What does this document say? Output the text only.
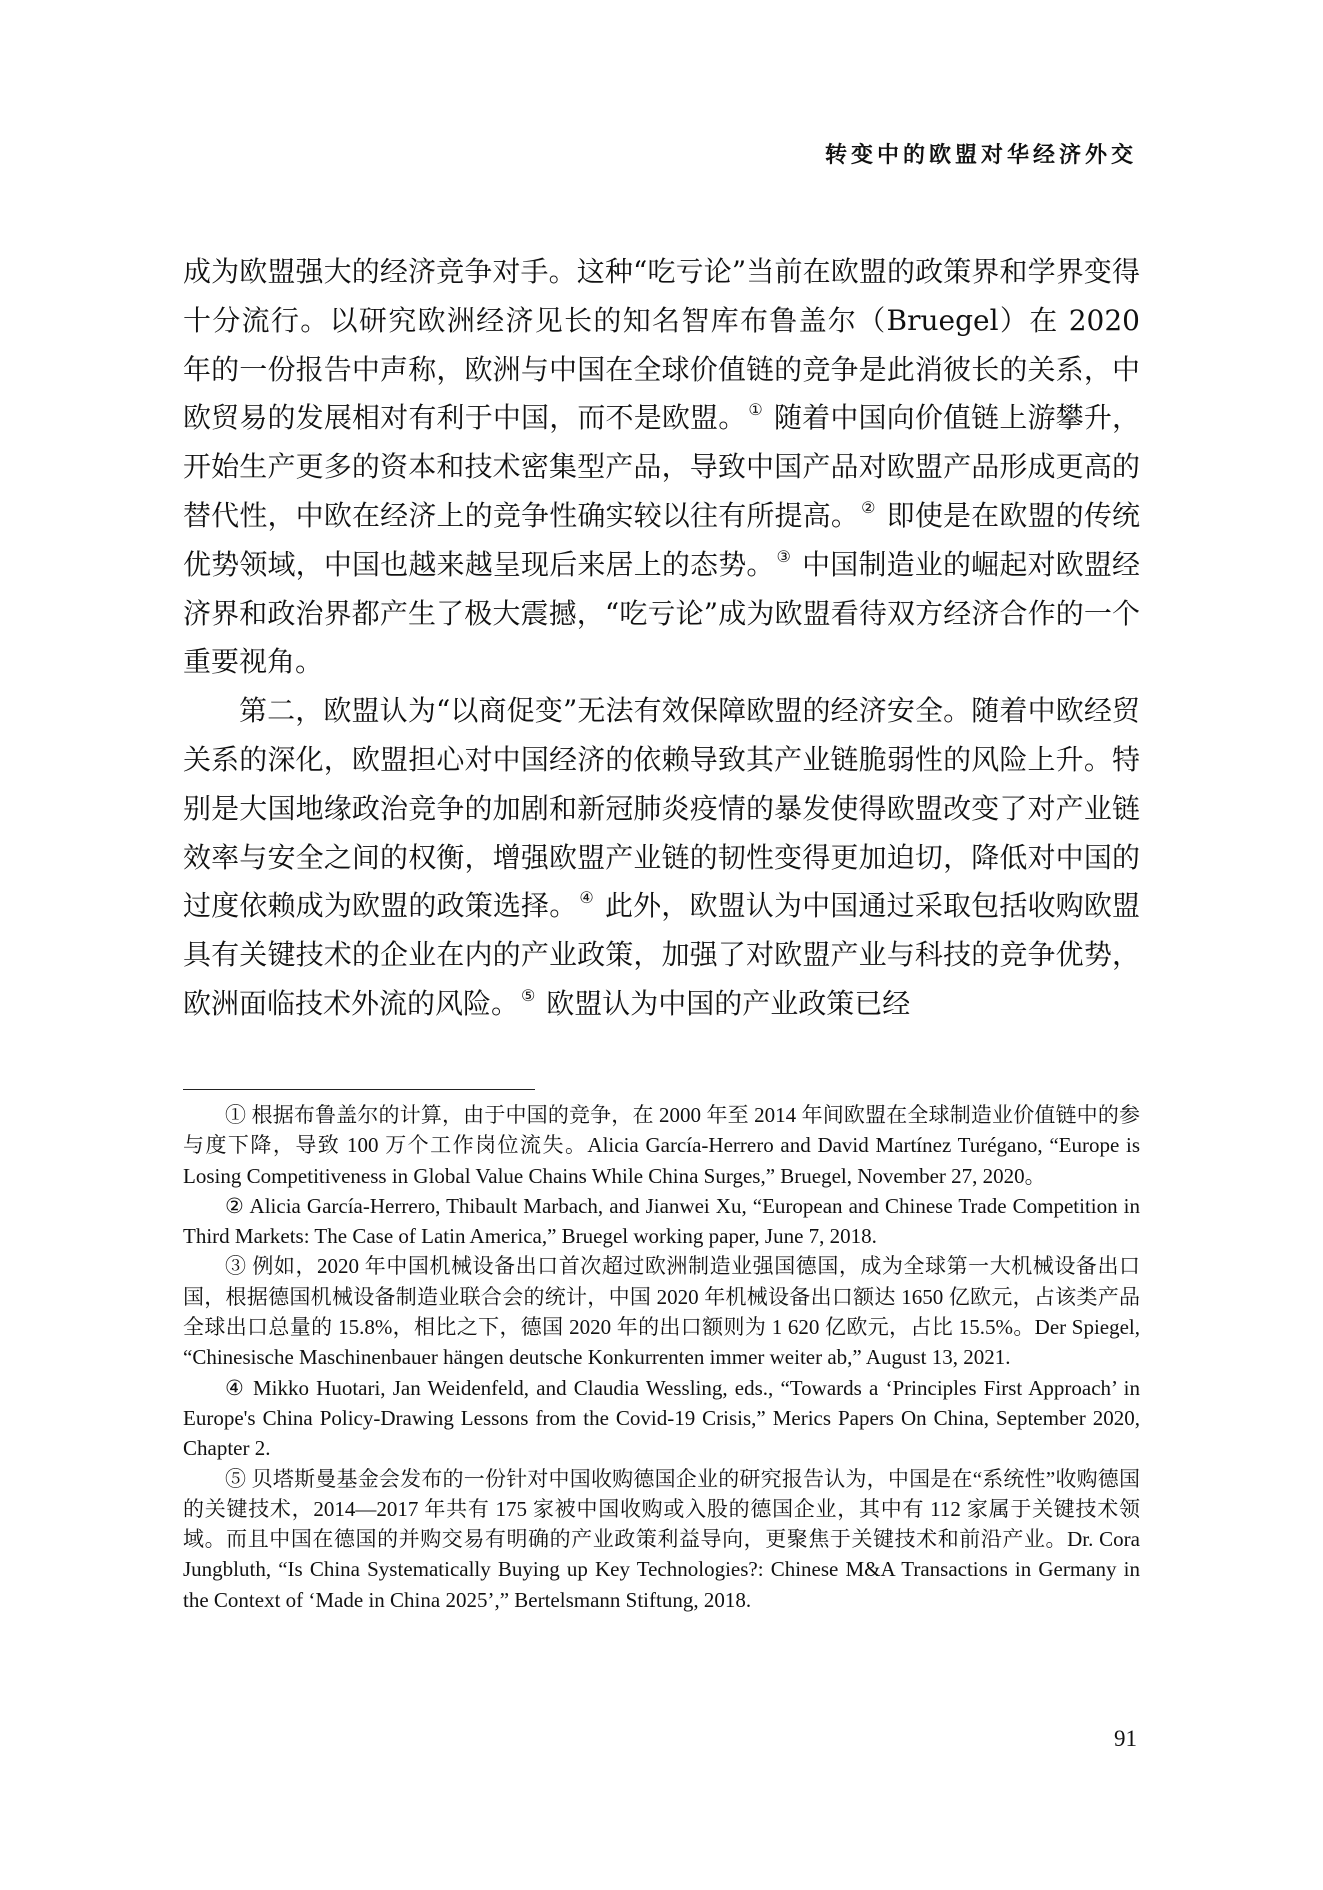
转变中的欧盟对华经济外交

成为欧盟强大的经济竞争对手。这种“吃亏论”当前在欧盟的政策界和学界变得十分流行。以研究欧洲经济见长的知名智库布鲁盖尔（Bruegel）在 2020 年的一份报告中声称，欧洲与中国在全球价值链的竞争是此消彼长的关系，中欧贸易的发展相对有利于中国，而不是欧盟。 ① 随着中国向价值链上游攀升，开始生产更多的资本和技术密集型产品，导致中国产品对欧盟产品形成更高的替代性，中欧在经济上的竞争性确实较以往有所提高。 ② 即使是在欧盟的传统优势领域，中国也越来越呈现后来居上的态势。 ③ 中国制造业的崛起对欧盟经济界和政治界都产生了极大震撼，“吃亏论”成为欧盟看待双方经济合作的一个重要视角。

第二，欧盟认为“以商促变”无法有效保障欧盟的经济安全。随着中欧经贸关系的深化，欧盟担心对中国经济的依赖导致其产业链脆弱性的风险上升。特别是大国地缘政治竞争的加剧和新冠肺炎疫情的暴发使得欧盟改变了对产业链效率与安全之间的权衡，增强欧盟产业链的韧性变得更加迫切，降低对中国的过度依赖成为欧盟的政策选择。 ④ 此外，欧盟认为中国通过采取包括收购欧盟具有关键技术的企业在内的产业政策，加强了对欧盟产业与科技的竞争优势，欧洲面临技术外流的风险。 ⑤ 欧盟认为中国的产业政策已经

① 根据布鲁盖尔的计算，由于中国的竞争，在 2000 年至 2014 年间欧盟在全球制造业价值链中的参与度下降，导致 100 万个工作岗位流失。Alicia García-Herrero and David Martínez Turégano, “Europe is Losing Competitiveness in Global Value Chains While China Surges,” Bruegel, November 27, 2020。

② Alicia García-Herrero, Thibault Marbach, and Jianwei Xu, “European and Chinese Trade Competition in Third Markets: The Case of Latin America,” Bruegel working paper, June 7, 2018.

③ 例如，2020 年中国机械设备出口首次超过欧洲制造业强国德国，成为全球第一大机械设备出口国，根据德国机械设备制造业联合会的统计，中国 2020 年机械设备出口额达 1650 亿欧元，占该类产品全球出口总量的 15.8%，相比之下，德国 2020 年的出口额则为 1 620 亿欧元，占比 15.5%。Der Spiegel, “Chinesische Maschinenbauer hängen deutsche Konkurrenten immer weiter ab,” August 13, 2021.

④ Mikko Huotari, Jan Weidenfeld, and Claudia Wessling, eds., “Towards a ‘Principles First Approach’ in Europe's China Policy-Drawing Lessons from the Covid-19 Crisis,” Merics Papers On China, September 2020, Chapter 2.

⑤ 贝塔斯曼基金会发布的一份针对中国收购德国企业的研究报告认为，中国是在“系统性”收购德国的关键技术，2014—2017 年共有 175 家被中国收购或入股的德国企业，其中有 112 家属于关键技术领域。而且中国在德国的并购交易有明确的产业政策利益导向，更聚焦于关键技术和前沿产业。Dr. Cora Jungbluth, “Is China Systematically Buying up Key Technologies?: Chinese M&A Transactions in Germany in the Context of ‘Made in China 2025’,” Bertelsmann Stiftung, 2018.

91
